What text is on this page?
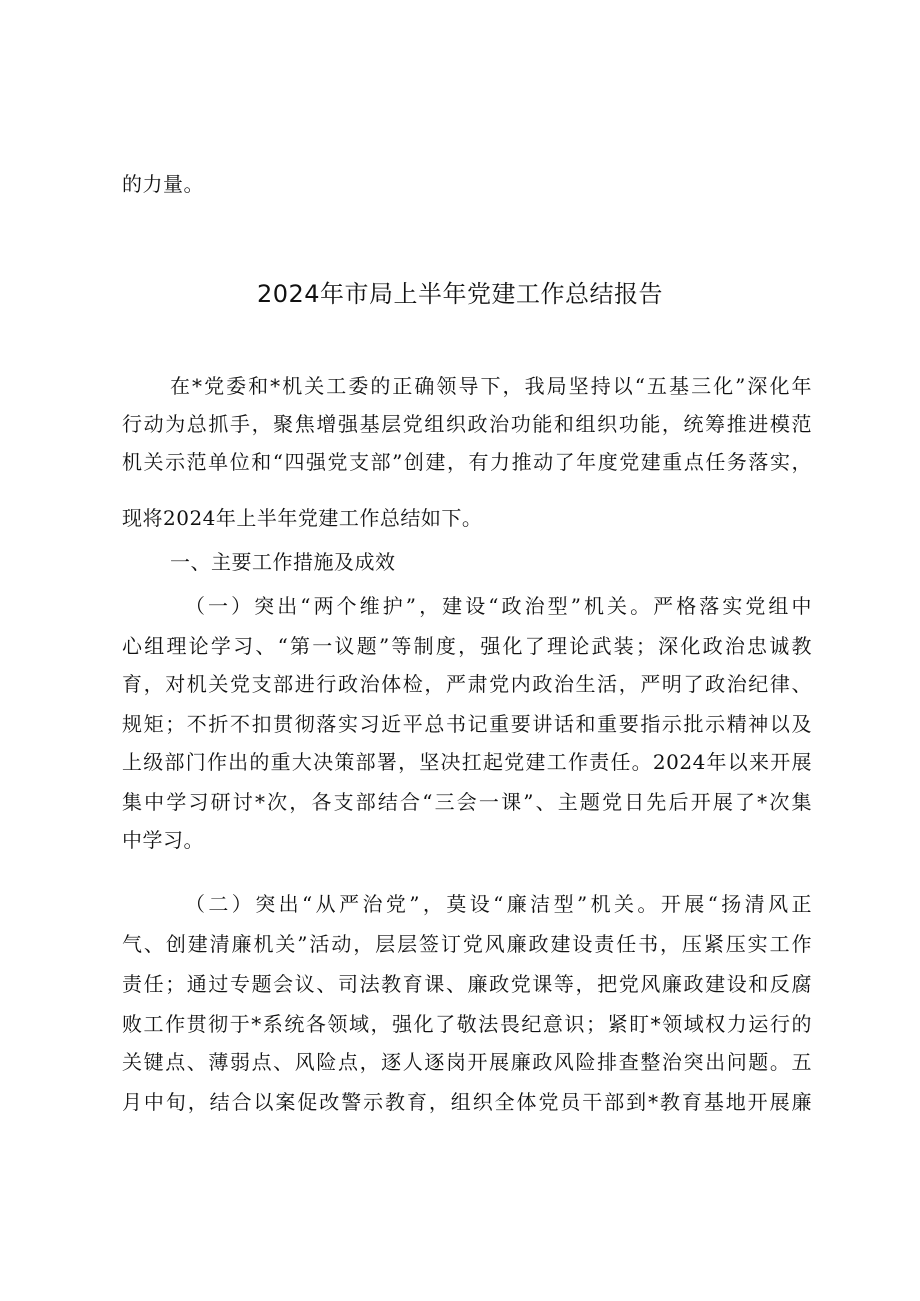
的力量。
2024年市局上半年党建工作总结报告
在*党委和*机关工委的正确领导下，我局坚持以“五基三化”深化年
行动为总抓手，聚焦增强基层党组织政治功能和组织功能，统筹推进模范
机关示范单位和“四强党支部”创建，有力推动了年度党建重点任务落实，
现将2024年上半年党建工作总结如下。
一、主要工作措施及成效
（一）突出“两个维护”，建设“政治型”机关。严格落实党组中
心组理论学习、“第一议题”等制度，强化了理论武装；深化政治忠诚教
育，对机关党支部进行政治体检，严肃党内政治生活，严明了政治纪律、
规矩；不折不扣贯彻落实习近平总书记重要讲话和重要指示批示精神以及
上级部门作出的重大决策部署，坚决扛起党建工作责任。2024年以来开展
集中学习研讨*次，各支部结合“三会一课”、主题党日先后开展了*次集
中学习。
（二）突出“从严治党”，莫设“廉洁型”机关。开展“扬清风正
气、创建清廉机关”活动，层层签订党风廉政建设责任书，压紧压实工作
责任；通过专题会议、司法教育课、廉政党课等，把党风廉政建设和反腐
败工作贯彻于*系统各领域，强化了敬法畏纪意识；紧盯*领域权力运行的
关键点、薄弱点、风险点，逐人逐岗开展廉政风险排查整治突出问题。五
月中旬，结合以案促改警示教育，组织全体党员干部到*教育基地开展廉
